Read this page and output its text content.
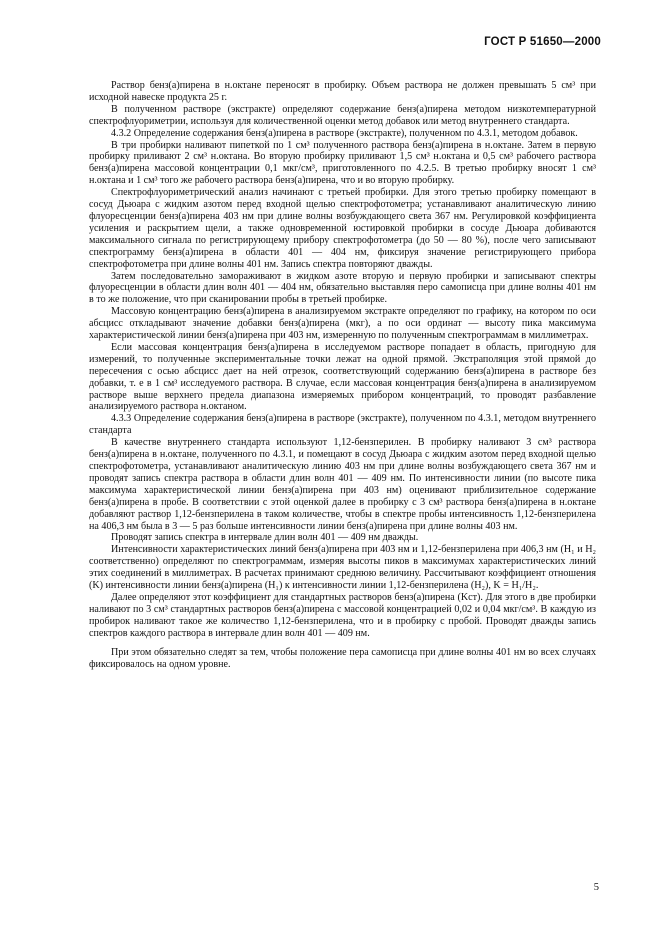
ГОСТ Р 51650—2000

Раствор бенз(а)пирена в н.октане переносят в пробирку. Объем раствора не должен превышать 5 см³ при исходной навеске продукта 25 г.

В полученном растворе (экстракте) определяют содержание бенз(а)пирена методом низкотемпературной спектрофлуориметрии, используя для количественной оценки метод добавок или метод внутреннего стандарта.

4.3.2 Определение содержания бенз(а)пирена в растворе (экстракте), полученном по 4.3.1, методом добавок.

В три пробирки наливают пипеткой по 1 см³ полученного раствора бенз(а)пирена в н.октане. Затем в первую пробирку приливают 2 см³ н.октана. Во вторую пробирку приливают 1,5 см³ н.октана и 0,5 см³ рабочего раствора бенз(а)пирена массовой концентрации 0,1 мкг/см³, приготовленного по 4.2.5. В третью пробирку вносят 1 см³ н.октана и 1 см³ того же рабочего раствора бенз(а)пирена, что и во вторую пробирку.

Спектрофлуориметрический анализ начинают с третьей пробирки. Для этого третью пробирку помещают в сосуд Дьюара с жидким азотом перед входной щелью спектрофотометра; устанавливают аналитическую линию флуоресценции бенз(а)пирена 403 нм при длине волны возбуждающего света 367 нм. Регулировкой коэффициента усиления и раскрытием щели, а также одновременной юстировкой пробирки в сосуде Дьюара добиваются максимального сигнала по регистрирующему прибору спектрофотометра (до 50 — 80 %), после чего записывают спектрограмму бенз(а)пирена в области 401 — 404 нм, фиксируя значение регистрирующего прибора спектрофотометра при длине волны 401 нм. Запись спектра повторяют дважды.

Затем последовательно замораживают в жидком азоте вторую и первую пробирки и записывают спектры флуоресценции в области длин волн 401 — 404 нм, обязательно выставляя перо самописца при длине волны 401 нм в то же положение, что при сканировании пробы в третьей пробирке.

Массовую концентрацию бенз(а)пирена в анализируемом экстракте определяют по графику, на котором по оси абсцисс откладывают значение добавки бенз(а)пирена (мкг), а по оси ординат — высоту пика максимума характеристической линии бенз(а)пирена при 403 нм, измеренную по полученным спектрограммам в миллиметрах.

Если массовая концентрация бенз(а)пирена в исследуемом растворе попадает в область, пригодную для измерений, то полученные экспериментальные точки лежат на одной прямой. Экстраполяция этой прямой до пересечения с осью абсцисс дает на ней отрезок, соответствующий содержанию бенз(а)пирена в растворе без добавки, т. е в 1 см³ исследуемого раствора. В случае, если массовая концентрация бенз(а)пирена в анализируемом растворе выше верхнего предела диапазона измеряемых прибором концентраций, то проводят разбавление анализируемого раствора н.октаном.

4.3.3 Определение содержания бенз(а)пирена в растворе (экстракте), полученном по 4.3.1, методом внутреннего стандарта

В качестве внутреннего стандарта используют 1,12-бензперилен. В пробирку наливают 3 см³ раствора бенз(а)пирена в н.октане, полученного по 4.3.1, и помещают в сосуд Дьюара с жидким азотом перед входной щелью спектрофотометра, устанавливают аналитическую линию 403 нм при длине волны возбуждающего света 367 нм и проводят запись спектра раствора в области длин волн 401 — 409 нм. По интенсивности линии (по высоте пика максимума характеристической линии бенз(а)пирена при 403 нм) оценивают приблизительное содержание бенз(а)пирена в пробе. В соответствии с этой оценкой далее в пробирку с 3 см³ раствора бенз(а)пирена в н.октане добавляют раствор 1,12-бензперилена в таком количестве, чтобы в спектре пробы интенсивность 1,12-бензперилена на 406,3 нм была в 3 — 5 раз больше интенсивности линии бенз(а)пирена при длине волны 403 нм.

Проводят запись спектра в интервале длин волн 401 — 409 нм дважды.

Интенсивности характеристических линий бенз(а)пирена при 403 нм и 1,12-бензперилена при 406,3 нм (H₁ и H₂ соответственно) определяют по спектрограммам, измеряя высоты пиков в максимумах характеристических линий этих соединений в миллиметрах. В расчетах принимают среднюю величину. Рассчитывают коэффициент отношения (K) интенсивности линии бенз(а)пирена (H₁) к интенсивности линии 1,12-бензперилена (H₂), K = H₁/H₂.

Далее определяют этот коэффициент для стандартных растворов бенз(а)пирена (Kст). Для этого в две пробирки наливают по 3 см³ стандартных растворов бенз(а)пирена с массовой концентрацией 0,02 и 0,04 мкг/см³. В каждую из пробирок наливают такое же количество 1,12-бензперилена, что и в пробирку с пробой. Проводят дважды запись спектров каждого раствора в интервале длин волн 401 — 409 нм.

При этом обязательно следят за тем, чтобы положение пера самописца при длине волны 401 нм во всех случаях фиксировалось на одном уровне.

5
